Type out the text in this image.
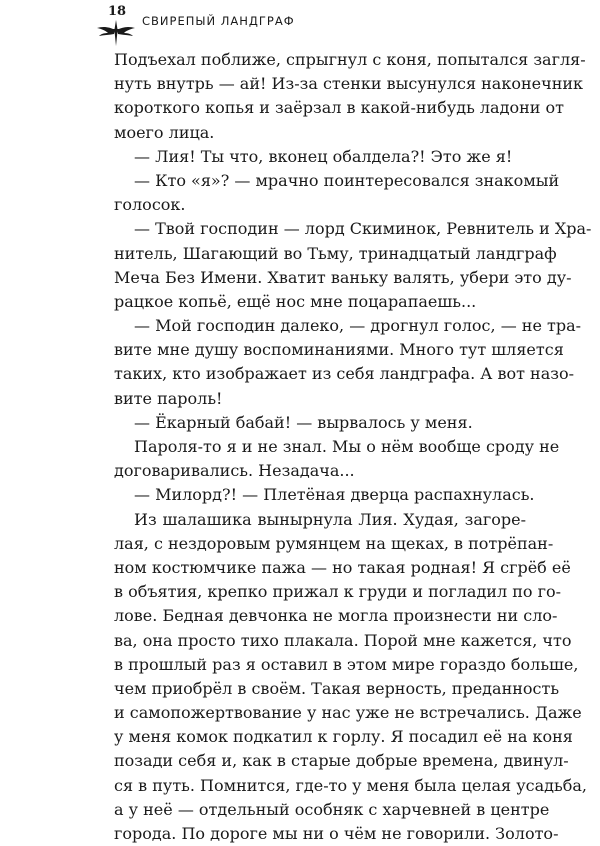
18
СВИРЕПЫЙ ЛАНДГРАФ
Подъехал поближе, спрыгнул с коня, попытался загля-
нуть внутрь — ай! Из-за стенки высунулся наконечник
короткого копья и заёрзал в какой-нибудь ладони от
моего лица.
— Лия! Ты что, вконец обалдела?! Это же я!
— Кто «я»? — мрачно поинтересовался знакомый
голосок.
— Твой господин — лорд Скиминок, Ревнитель и Хра-
нитель, Шагающий во Тьму, тринадцатый ландграф
Меча Без Имени. Хватит ваньку валять, убери это ду-
рацкое копьё, ещё нос мне поцарапаешь...
— Мой господин далеко, — дрогнул голос, — не тра-
вите мне душу воспоминаниями. Много тут шляется
таких, кто изображает из себя ландграфа. А вот назо-
вите пароль!
— Ёкарный бабай! — вырвалось у меня.
Пароля-то я и не знал. Мы о нём вообще сроду не
договаривались. Незадача...
— Милорд?! — Плетёная дверца распахнулась.
Из шалашика вынырнула Лия. Худая, загоре-
лая, с нездоровым румянцем на щеках, в потрёпан-
ном костюмчике пажа — но такая родная! Я сгрёб её
в объятия, крепко прижал к груди и погладил по го-
лове. Бедная девчонка не могла произнести ни сло-
ва, она просто тихо плакала. Порой мне кажется, что
в прошлый раз я оставил в этом мире гораздо больше,
чем приобрёл в своём. Такая верность, преданность
и самопожертвование у нас уже не встречались. Даже
у меня комок подкатил к горлу. Я посадил её на коня
позади себя и, как в старые добрые времена, двинул-
ся в путь. Помнится, где-то у меня была целая усадьба,
а у неё — отдельный особняк с харчевней в центре
города. По дороге мы ни о чём не говорили. Золото-
